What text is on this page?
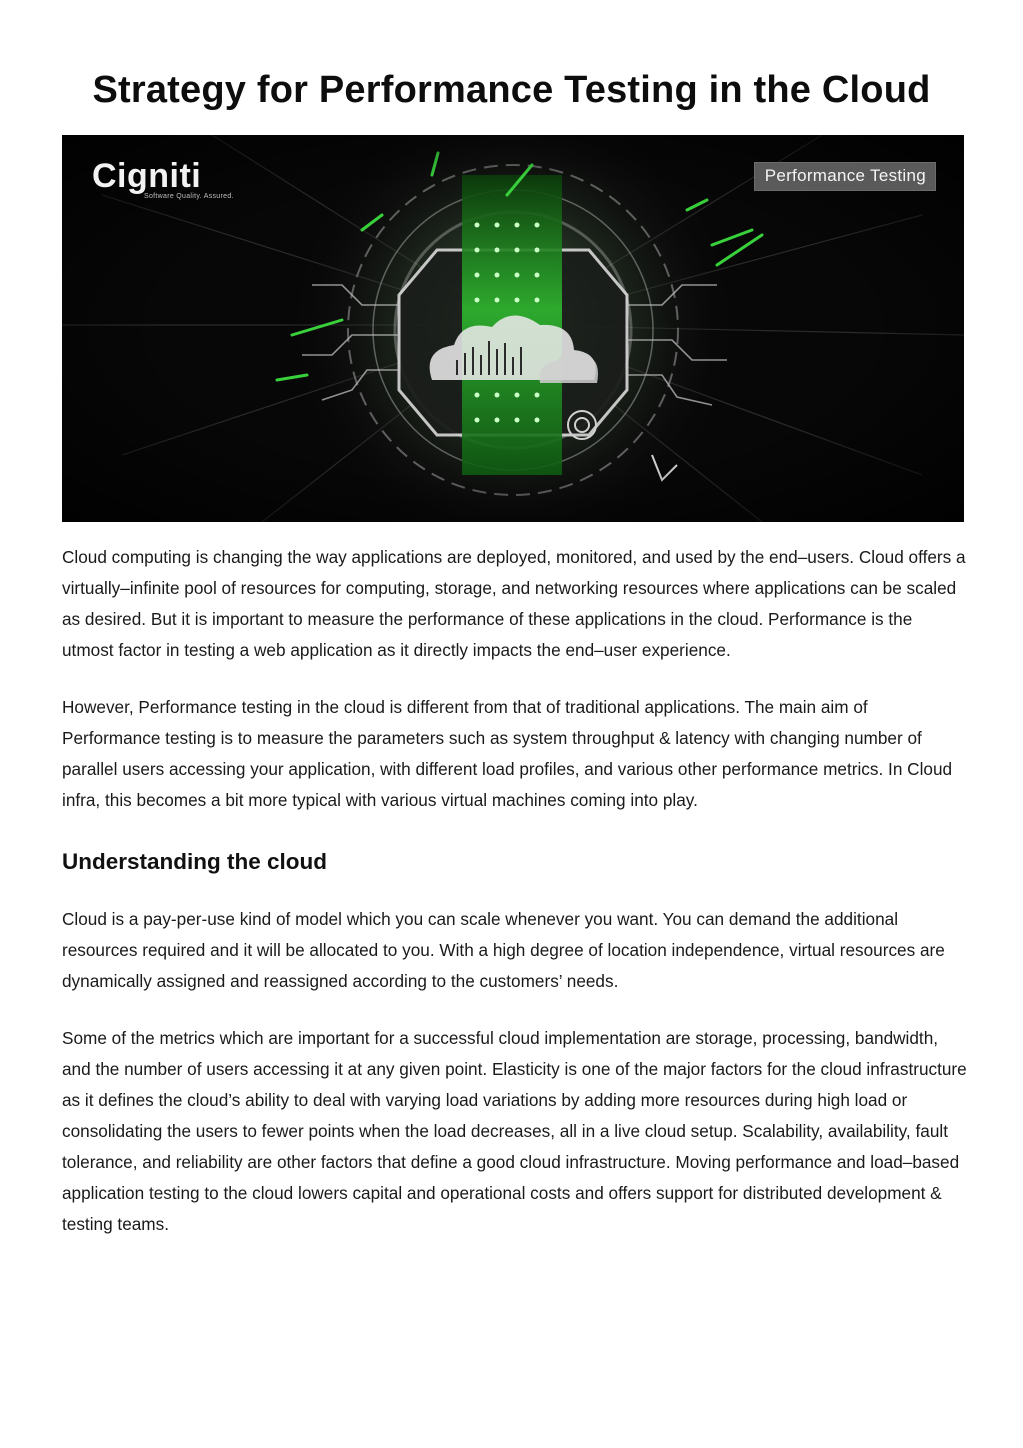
Strategy for Performance Testing in the Cloud
Cigniti
Software Quality. Assured.
Performance Testing

Cloud computing is changing the way applications are deployed, monitored, and used by the end–users. Cloud offers a virtually–infinite pool of resources for computing, storage, and networking resources where applications can be scaled as desired. But it is important to measure the performance of these applications in the cloud. Performance is the utmost factor in testing a web application as it directly impacts the end–user experience.

However, Performance testing in the cloud is different from that of traditional applications. The main aim of Performance testing is to measure the parameters such as system throughput & latency with changing number of parallel users accessing your application, with different load profiles, and various other performance metrics. In Cloud infra, this becomes a bit more typical with various virtual machines coming into play.

Understanding the cloud

Cloud is a pay-per-use kind of model which you can scale whenever you want. You can demand the additional resources required and it will be allocated to you. With a high degree of location independence, virtual resources are dynamically assigned and reassigned according to the customers’ needs.

Some of the metrics which are important for a successful cloud implementation are storage, processing, bandwidth, and the number of users accessing it at any given point. Elasticity is one of the major factors for the cloud infrastructure as it defines the cloud’s ability to deal with varying load variations by adding more resources during high load or consolidating the users to fewer points when the load decreases, all in a live cloud setup. Scalability, availability, fault tolerance, and reliability are other factors that define a good cloud infrastructure. Moving performance and load–based application testing to the cloud lowers capital and operational costs and offers support for distributed development & testing teams.
